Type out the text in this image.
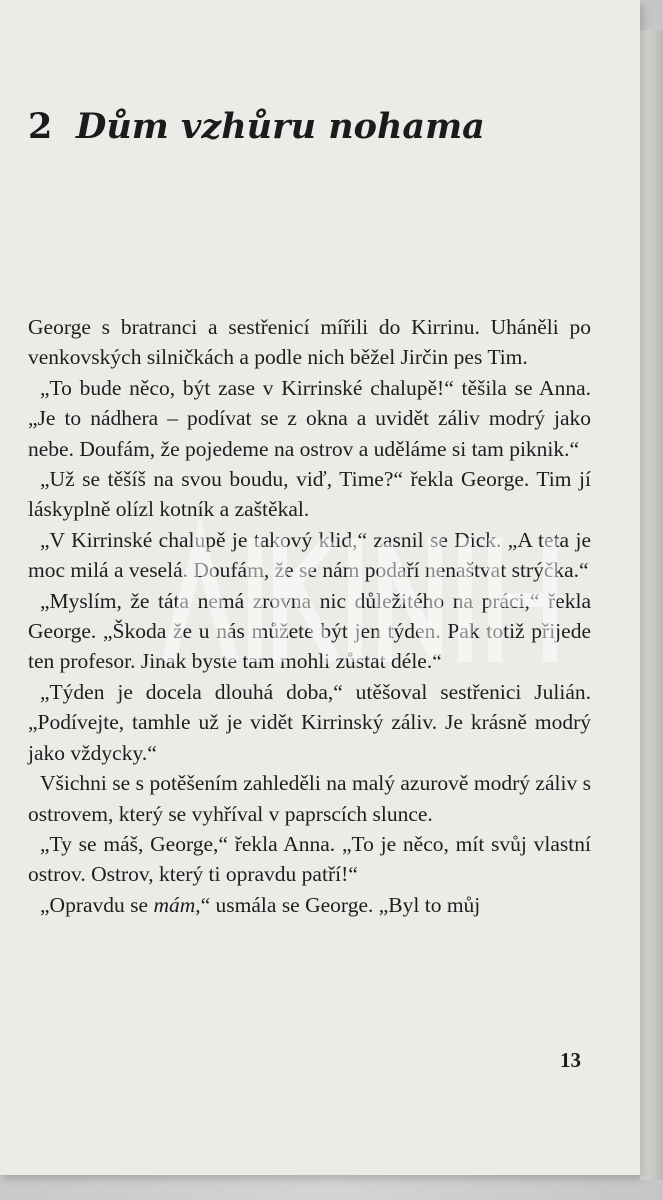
2 Dům vzhůru nohama

George s bratranci a sestřenicí mířili do Kirrinu. Uháněli po venkovských silničkách a podle nich běžel Jirčin pes Tim.

„To bude něco, být zase v Kirrinské chalupě!“ těšila se Anna. „Je to nádhera – podívat se z okna a uvidět záliv modrý jako nebe. Doufám, že pojedeme na ostrov a uděláme si tam piknik.“

„Už se těšíš na svou boudu, viď, Time?“ řekla George. Tim jí láskyplně olízl kotník a zaštěkal.

„V Kirrinské chalupě je takový klid,“ zasnil se Dick. „A teta je moc milá a veselá. Doufám, že se nám podaří nenaštvat strýčka.“

„Myslím, že táta nemá zrovna nic důležitého na práci,“ řekla George. „Škoda že u nás můžete být jen týden. Pak totiž přijede ten profesor. Jinak byste tam mohli zůstat déle.“

„Týden je docela dlouhá doba,“ utěšoval sestřenici Julián. „Podívejte, tamhle už je vidět Kirrinský záliv. Je krásně modrý jako vždycky.“

Všichni se s potěšením zahleděli na malý azurově modrý záliv s ostrovem, který se vyhříval v paprscích slunce.

„Ty se máš, George,“ řekla Anna. „To je něco, mít svůj vlastní ostrov. Ostrov, který ti opravdu patří!“

„Opravdu se mám,“ usmála se George. „Byl to můj

13
